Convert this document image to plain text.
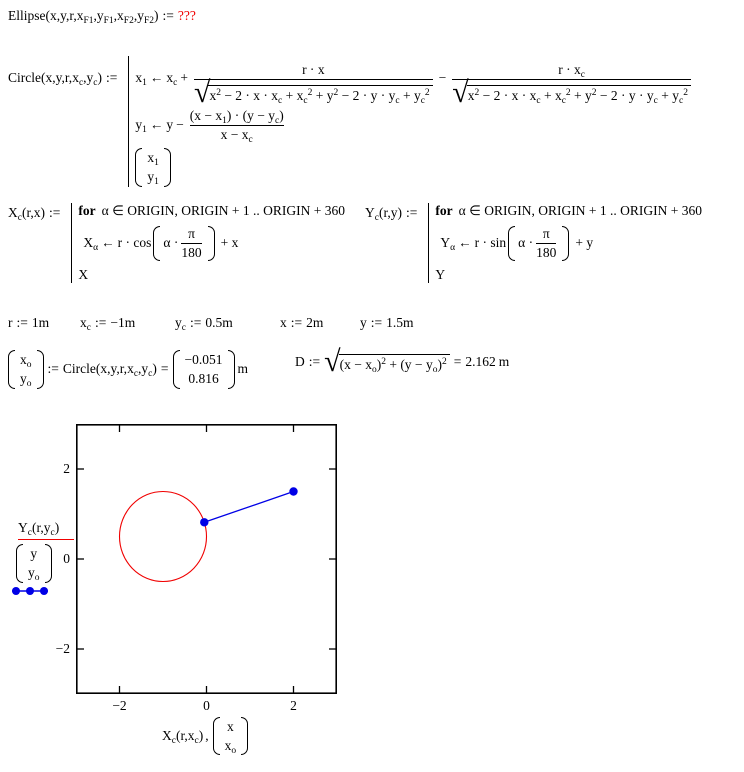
$Ellipse(x,y,r,x_{F1},y_{F1},x_{F2},y_{F2})$ := ???
$Circle(x,y,r,x_c,y_c)$ := $x_1$ ← $x_c + \frac{r \cdot x}{√ x^2 - 2 \cdot x \cdot x_c + x_c^2 + y^2 - 2 \cdot y \cdot y_c + y_c^2} - \frac{r \cdot x_c}{√ x^2 - 2 \cdot x \cdot x_c + x_c^2 + y^2 - 2 \cdot y \cdot y_c + y_c^2}$
$y_1$ ← $y - \frac{(x - x_1) \cdot (y - y_c)}{x - x_c}$
$x_1$
$y_1$
$X_c(r,x)$ := for α ∈ ORIGIN, ORIGIN + 1 .. ORIGIN + 360
$X_\alpha$ ← $r \cdot \cos \alpha \cdot \frac{\pi}{180} + x$
X
$Y_c(r,y)$ := for α ∈ ORIGIN, ORIGIN + 1 .. ORIGIN + 360
$Y_\alpha$ ← $r \cdot \sin \alpha \cdot \frac{\pi}{180} + y$
Y
r := 1m $x_c$ := −1m	$y_c$ := 0.5m	x := 2m	y := 1.5m
$x_o$
$y_o$
:= $Circle(x,y,r,x_c,y_c)$ =
−0.051
0.816
m
D := √ $(x - x_o)^2 + (y - y_o)^2 = 2.162$ m
2
0
−2
−2	0	2
$Y_c(r,y_c)$
y
$y_o$
$X_c(r,x_c)$ ,
x
$x_o$
